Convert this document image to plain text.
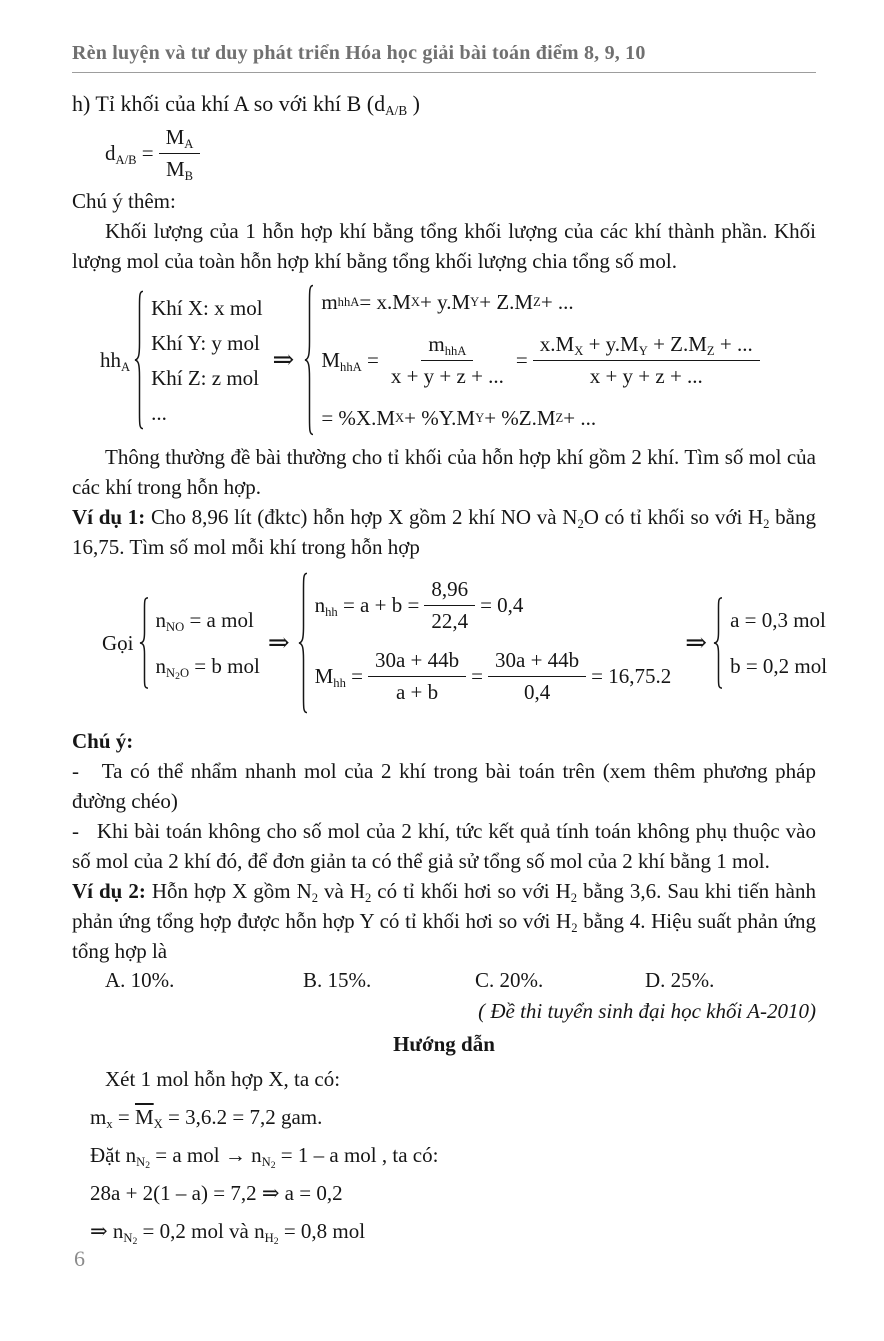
Rèn luyện và tư duy phát triển Hóa học giải bài toán điểm 8, 9, 10

h) Tỉ khối của khí A so với khí B ($d_{A/B}$ )

$d_{A/B} = \frac{M_A}{M_B}$

Chú ý thêm:

Khối lượng của 1 hỗn hợp khí bằng tổng khối lượng của các khí thành phần. Khối lượng mol của toàn hỗn hợp khí bằng tổng khối lượng chia tổng số mol.

$hh_A$
Khí X: x mol
Khí Y: y mol
Khí Z: z mol
...
⇒
m hhA = x.M X + y.M Y + Z.M Z + ...
$M_{hhA} = \frac{m_{hhA}}{x + y + z + ...} = \frac{x.M_X + y.M_Y + Z.M_Z + ...}{x + y + z + ...}$
= %X.M X + %Y.M Y + %Z.M Z + ...

Thông thường đề bài thường cho tỉ khối của hỗn hợp khí gồm 2 khí. Tìm số mol của các khí trong hỗn hợp.

Ví dụ 1: Cho 8,96 lít (đktc) hỗn hợp X gồm 2 khí NO và $N_2O$ có tỉ khối so với $H_2$ bằng 16,75. Tìm số mol mỗi khí trong hỗn hợp

Gọi
$n_{NO} = a$ mol
$n_{N2O} = b$ mol
⇒
$n_{hh} = a + b = \frac{8,96}{22,4} = 0,4$
$M_{hh} = \frac{30a + 44b}{a + b} = \frac{30a + 44b}{0,4} = 16,75.2$
⇒
a = 0,3 mol
b = 0,2 mol

Chú ý:

-   Ta có thể nhẩm nhanh mol của 2 khí trong bài toán trên (xem thêm phương pháp đường chéo)

-   Khi bài toán không cho số mol của 2 khí, tức kết quả tính toán không phụ thuộc vào số mol của 2 khí đó, để đơn giản ta có thể giả sử tổng số mol của 2 khí bằng 1 mol.

Ví dụ 2: Hỗn hợp X gồm $N_2$ và $H_2$ có tỉ khối hơi so với $H_2$ bằng 3,6. Sau khi tiến hành phản ứng tổng hợp được hỗn hợp Y có tỉ khối hơi so với $H_2$ bằng 4. Hiệu suất phản ứng tổng hợp là

A. 10%.	B. 15%.	C. 20%.	D. 25%.
( Đề thi tuyển sinh đại học khối A-2010)
Hướng dẫn
Xét 1 mol hỗn hợp X, ta có:
$m_x = \overline{M}_X = 3,6.2 = 7,2$ gam.
Đặt $n_{N2} = a$ mol → $n_{N2} = 1 - a$ mol , ta có:
28a + 2(1 – a) = 7,2 ⇒ a = 0,2
⇒ $n_{N2} = 0,2$ mol và $n_{H2} = 0,8$ mol
6
